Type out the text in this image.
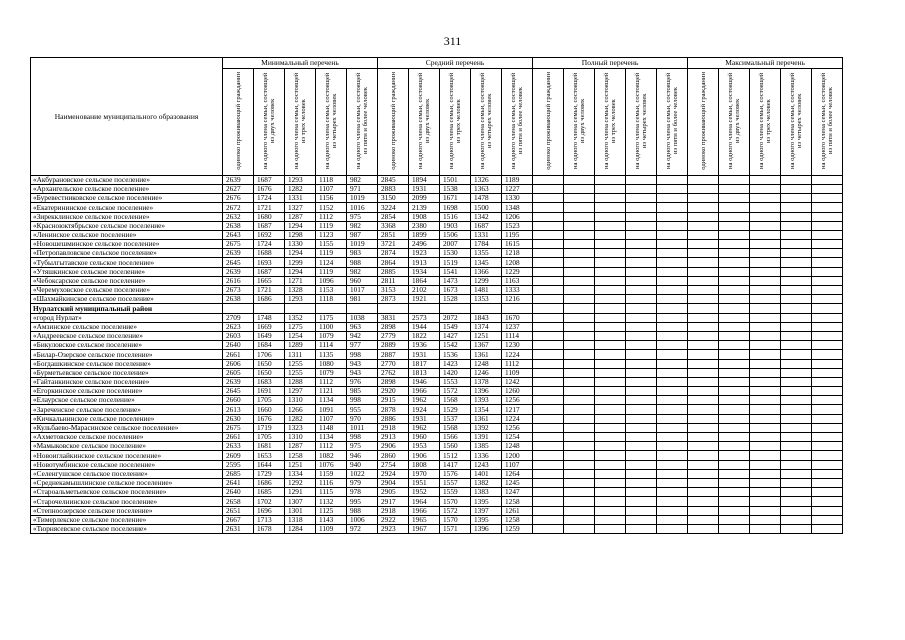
311
Наименование муниципального образования	Минимальный перечень					Средний перечень					Полный перечень					Максимальный перечень				
	одиноко проживающий гражданин	на одного члена семьи, состоящей из двух человек	на одного члена семьи, состоящей из трех человек	на одного члена семьи, состоящей из четырех человек	на одного члена семьи, состоящей из пяти и более человек	одиноко проживающий гражданин	на одного члена семьи, состоящей из двух человек	на одного члена семьи, состоящей из трех человек	на одного члена семьи, состоящей из четырех человек	на одного члена семьи, состоящей из пяти и более человек	одиноко проживающий гражданин	на одного члена семьи, состоящей из двух человек	на одного члена семьи, состоящей из трех человек	на одного члена семьи, состоящей из четырех человек	на одного члена семьи, состоящей из пяти и более человек	одиноко проживающий гражданин	на одного члена семьи, состоящей из двух человек	на одного члена семьи, состоящей из трех человек	на одного члена семьи, состоящей из четырех человек	на одного члена семьи, состоящей из пяти и более человек
«Акбурановское сельское поселение»	2639	1687	1293	1118	982	2845	1894	1501	1326	1189										
«Архангельское сельское поселение»	2627	1676	1282	1107	971	2883	1931	1538	1363	1227										
«Буревестниковское сельское поселение»	2676	1724	1331	1156	1019	3150	2099	1671	1478	1330										
«Екатерининское сельское поселение»	2672	1721	1327	1152	1016	3224	2139	1698	1500	1348										
«Зирекклинское сельское поселение»	2632	1680	1287	1112	975	2854	1908	1516	1342	1206										
«Красноюктябрьское сельское поселение»	2638	1687	1294	1119	982	3368	2380	1903	1687	1523										
«Ленинское сельское поселение»	2643	1692	1298	1123	987	2851	1899	1506	1331	1195										
«Новошешминское сельское поселение»	2675	1724	1330	1155	1019	3721	2496	2007	1784	1615										
«Петропавловское сельское поселение»	2639	1688	1294	1119	983	2874	1923	1530	1355	1218										
«Тубылгытавское сельское поселение»	2645	1693	1299	1124	988	2864	1913	1519	1345	1208										
«Утяшкинское сельское поселение»	2639	1687	1294	1119	982	2885	1934	1541	1366	1229										
«Чебоксарское сельское поселение»	2616	1665	1271	1096	960	2811	1864	1473	1299	1163										
«Черемуховское сельское поселение»	2673	1721	1328	1153	1017	3153	2102	1673	1481	1333										
«Шахмайкинское сельское поселение»	2638	1686	1293	1118	981	2873	1921	1528	1353	1216										
Нурлатский муниципальный район																				
«город Нурлат»	2709	1748	1352	1175	1038	3831	2573	2072	1843	1670										
«Амзинское сельское поселение»	2623	1669	1275	1100	963	2898	1944	1549	1374	1237										
«Андреевское сельское поселение»	2603	1649	1254	1079	942	2779	1822	1427	1251	1114										
«Бикуловское сельское поселение»	2640	1684	1289	1114	977	2889	1936	1542	1367	1230										
«Билар-Озерское сельское поселение»	2661	1706	1311	1135	998	2887	1931	1536	1361	1224										
«Богдашкинское сельское поселение»	2606	1650	1255	1080	943	2770	1817	1423	1248	1112										
«Бурметьевское сельское поселение»	2605	1650	1255	1079	943	2762	1813	1420	1246	1109										
«Гайтанкинское сельское поселение»	2639	1683	1288	1112	976	2898	1946	1553	1378	1242										
«Егоркинское сельское поселение»	2645	1691	1297	1121	985	2920	1966	1572	1396	1260										
«Елаурское сельское поселение»	2660	1705	1310	1134	998	2915	1962	1568	1393	1256										
«Зареченское сельское поселение»	2613	1660	1266	1091	955	2878	1924	1529	1354	1217										
«Кичкальнинское сельское поселение»	2630	1676	1282	1107	970	2886	1931	1537	1361	1224										
«Кульбаево-Марасинское сельское поселение»	2675	1719	1323	1148	1011	2918	1962	1568	1392	1256										
«Ахметовское сельское поселение»	2661	1705	1310	1134	998	2913	1960	1566	1391	1254										
«Мамыковское сельское поселение»	2633	1681	1287	1112	975	2906	1953	1560	1385	1248										
«Новоиглайкинское сельское поселение»	2609	1653	1258	1082	946	2860	1906	1512	1336	1200										
«Новотумбинское сельское поселение»	2595	1644	1251	1076	940	2754	1808	1417	1243	1107										
«Селенгушское сельское поселение»	2685	1729	1334	1159	1022	2924	1970	1576	1401	1264										
«Среднекамышлинское сельское поселение»	2641	1686	1292	1116	979	2904	1951	1557	1382	1245										
«Староальметьевское сельское поселение»	2640	1685	1291	1115	978	2905	1952	1559	1383	1247										
«Старочелнинское сельское поселение»	2658	1702	1307	1132	995	2917	1964	1570	1395	1258										
«Степноозерское сельское поселение»	2651	1696	1301	1125	988	2918	1966	1572	1397	1261										
«Тимерлекское сельское поселение»	2667	1713	1318	1143	1006	2922	1965	1570	1395	1258										
«Тюрнясевское сельское поселение»	2631	1678	1284	1109	972	2923	1967	1571	1396	1259										
